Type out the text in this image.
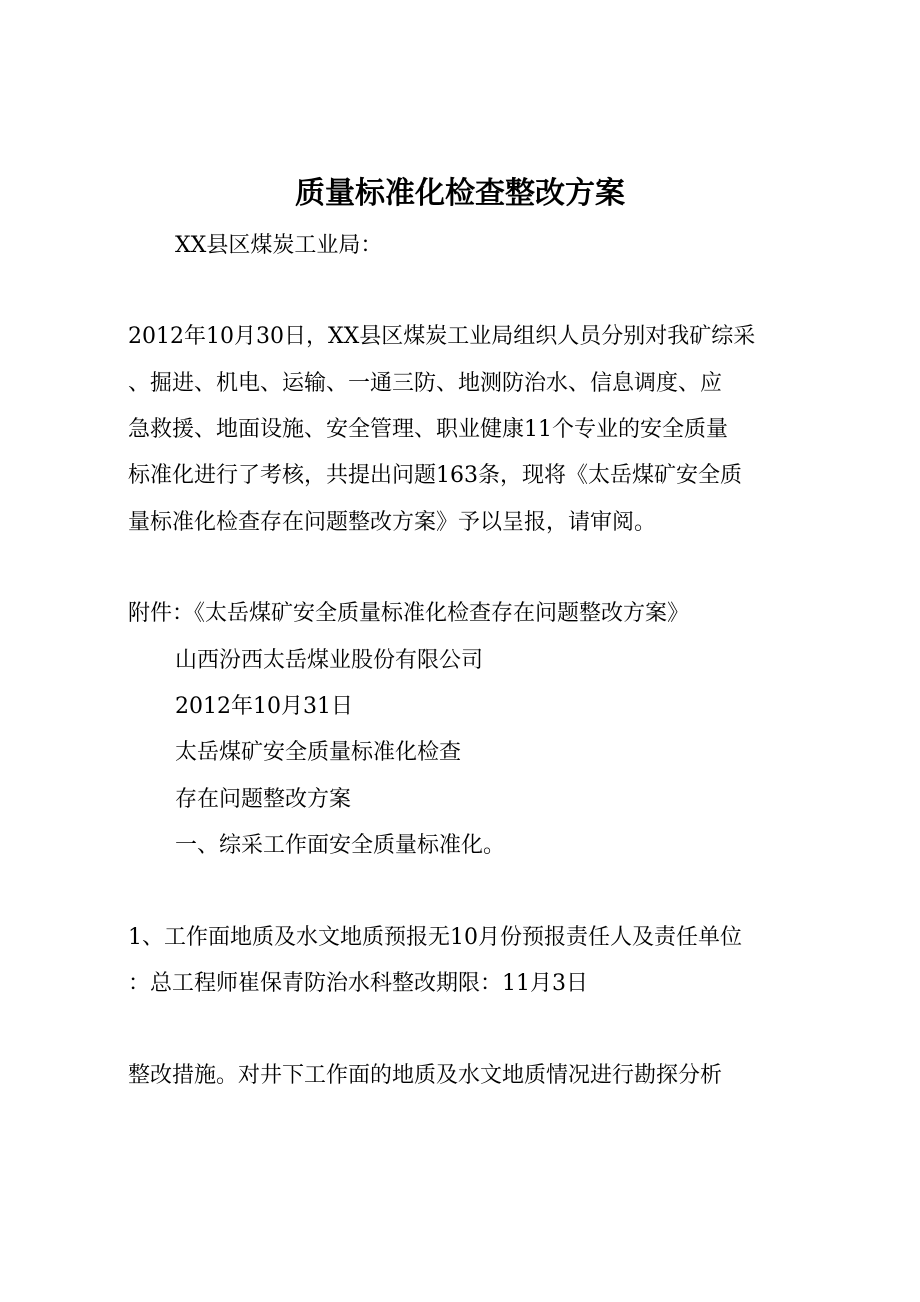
质量标准化检查整改方案

XX县区煤炭工业局：

2012年10月30日，XX县区煤炭工业局组织人员分别对我矿综采

、掘进、机电、运输、一通三防、地测防治水、信息调度、应

急救援、地面设施、安全管理、职业健康11个专业的安全质量

标准化进行了考核，共提出问题163条，现将《太岳煤矿安全质

量标准化检查存在问题整改方案》予以呈报，请审阅。

附件：《太岳煤矿安全质量标准化检查存在问题整改方案》

山西汾西太岳煤业股份有限公司

2012年10月31日

太岳煤矿安全质量标准化检查

存在问题整改方案

一、综采工作面安全质量标准化。

1、工作面地质及水文地质预报无10月份预报责任人及责任单位

：总工程师崔保青防治水科整改期限：11月3日

整改措施。对井下工作面的地质及水文地质情况进行勘探分析
